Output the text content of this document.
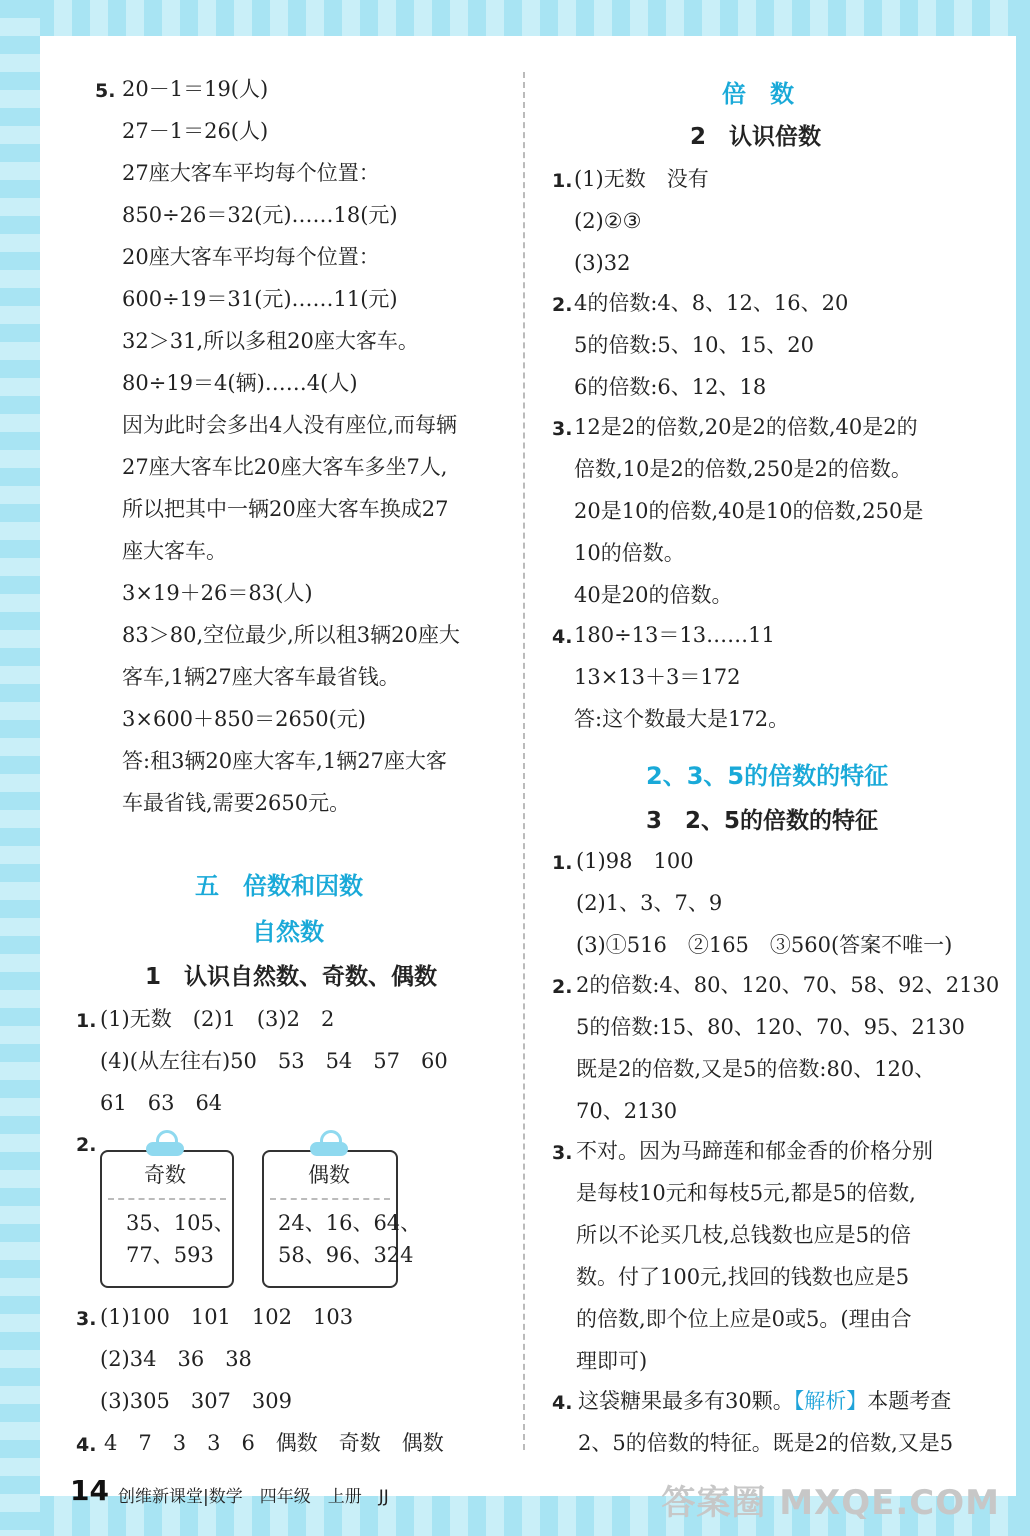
5. 20－1＝19(人)
27－1＝26(人)
27座大客车平均每个位置：
850÷26＝32(元)……18(元)
20座大客车平均每个位置：
600÷19＝31(元)……11(元)
32＞31,所以多租20座大客车。
80÷19＝4(辆)……4(人)
因为此时会多出4人没有座位,而每辆
27座大客车比20座大客车多坐7人,
所以把其中一辆20座大客车换成27
座大客车。
3×19＋26＝83(人)
83＞80,空位最少,所以租3辆20座大
客车,1辆27座大客车最省钱。
3×600＋850＝2650(元)
答:租3辆20座大客车,1辆27座大客
车最省钱,需要2650元。
五　倍数和因数
自然数
1　认识自然数、奇数、偶数
1. (1)无数　(2)1　(3)2　2
(4)(从左往右)50　53　54　57　60
61　63　64
2.
奇数
35、105、
77、593
偶数
24、16、64、
58、96、324
3. (1)100　101　102　103
(2)34　36　38
(3)305　307　309
4. 4　7　3　3　6　偶数　奇数　偶数
倍　数
2　认识倍数
1. (1)无数　没有
(2)②③
(3)32
2. 4的倍数:4、8、12、16、20
5的倍数:5、10、15、20
6的倍数:6、12、18
3. 12是2的倍数,20是2的倍数,40是2的
倍数,10是2的倍数,250是2的倍数。
20是10的倍数,40是10的倍数,250是
10的倍数。
40是20的倍数。
4. 180÷13＝13……11
13×13＋3＝172
答:这个数最大是172。
2、3、5的倍数的特征
3　2、5的倍数的特征
1. (1)98　100
(2)1、3、7、9
(3)①516　②165　③560(答案不唯一)
2. 2的倍数:4、80、120、70、58、92、2130
5的倍数:15、80、120、70、95、2130
既是2的倍数,又是5的倍数:80、120、
70、2130
3. 不对。因为马蹄莲和郁金香的价格分别
是每枝10元和每枝5元,都是5的倍数,
所以不论买几枝,总钱数也应是5的倍
数。付了100元,找回的钱数也应是5
的倍数,即个位上应是0或5。(理由合
理即可)
4. 这袋糖果最多有30颗。【解析】本题考查
2、5的倍数的特征。既是2的倍数,又是5
14 创维新课堂|数学　四年级　上册　JJ	答案圈 MXQE.COM
